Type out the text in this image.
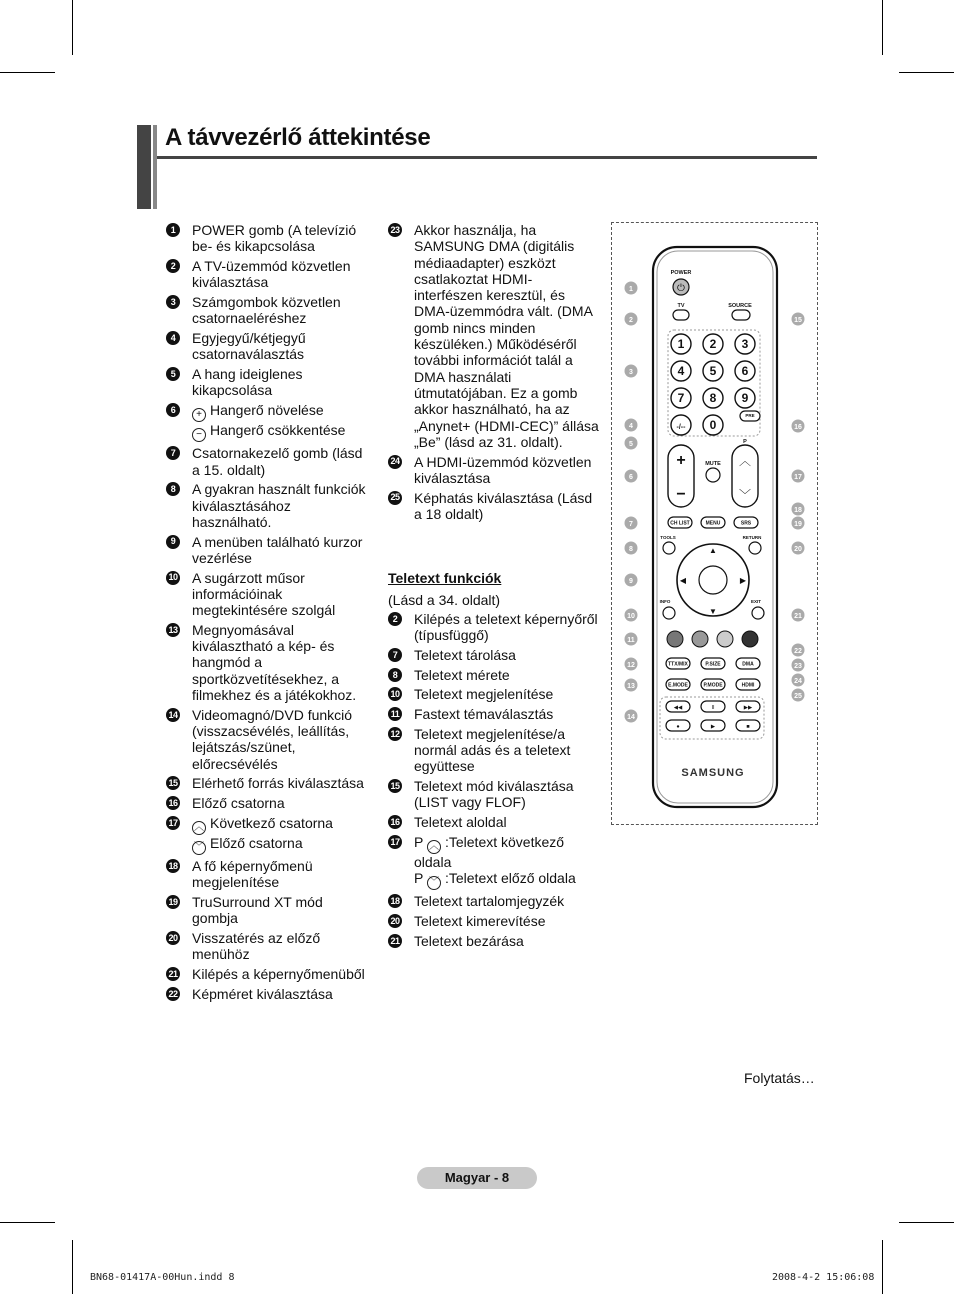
A távvezérlő áttekintése
1	POWER gomb (A televízió be- és kikapcsolása
2	A TV-üzemmód közvetlen kiválasztása
3	Számgombok közvetlen csatornaeléréshez
4	Egyjegyű/kétjegyű csatornaválasztás
5	A hang ideiglenes kikapcsolása
6	+ Hangerő növelése
− Hangerő csökkentése
7	Csatornakezelő gomb (lásd a 15. oldalt)
8	A gyakran használt funkciók kiválasztásához használható.
9	A menüben található kurzor vezérlése
10 A sugárzott műsor információinak megtekintésére szolgál
13 Megnyomásával kiválasztható a kép- és hangmód a sportközvetítésekhez, a filmekhez és a játékokhoz.
14 Videomagnó/DVD funkció (visszacsévélés, leállítás, lejátszás/szünet, előrecsévélés
15 Elérhető forrás kiválasztása
16 Előző csatorna
17 ︿ Következő csatorna
﹀ Előző csatorna
18 A fő képernyőmenü megjelenítése
19 TruSurround XT mód gombja
20 Visszatérés az előző menühöz
21 Kilépés a képernyőmenüből
22 Képméret kiválasztása
23 Akkor használja, ha SAMSUNG DMA (digitális médiaadapter) eszközt csatlakoztat HDMI-interfészen keresztül, és DMA-üzemmódra vált. (DMA gomb nincs minden készüléken.) Működéséről további információt talál a DMA használati útmutatójában. Ez a gomb akkor használható, ha az „Anynet+ (HDMI-CEC)” állása „Be” (lásd az 31. oldalt).
24 A HDMI-üzemmód közvetlen kiválasztása
25 Képhatás kiválasztása (Lásd a 18 oldalt)
Teletext funkciók
(Lásd a 34. oldalt)
2	Kilépés a teletext képernyőről (típusfüggő)
7	Teletext tárolása
8	Teletext mérete
10 Teletext megjelenítése
11 Fastext témaválasztás
12 Teletext megjelenítése/a normál adás és a teletext együttese
15 Teletext mód kiválasztása (LIST vagy FLOF)
16 Teletext aloldal
17 P ︿ :Teletext következő oldala
P ﹀ :Teletext előző oldala
18 Teletext tartalomjegyzék
20 Teletext kimerevítése
21 Teletext bezárása
POWER
⏻
TV	SOURCE
1 2 3
4 5 6
7 8 9
-/-- 0
P
PRE
+
−
︿
﹀
MUTE
CH LIST	MENU	SRS
TOOLS	RETURN
▲
▼
◀	▶
INFO	EXIT
TTX/MIX	P.SIZE	DMA
E.MODE	P.MODE	HDMI
◀◀	II	▶▶
●	▶	■
SAMSUNG
1
2
3
4
5
6
7
8
9
10
11
12
13
14
15
16
17
18
19
20
21
22
23
24
25
Folytatás…
Magyar - 8
BN68-01417A-00Hun.indd 8	2008-4-2 15:06:08
